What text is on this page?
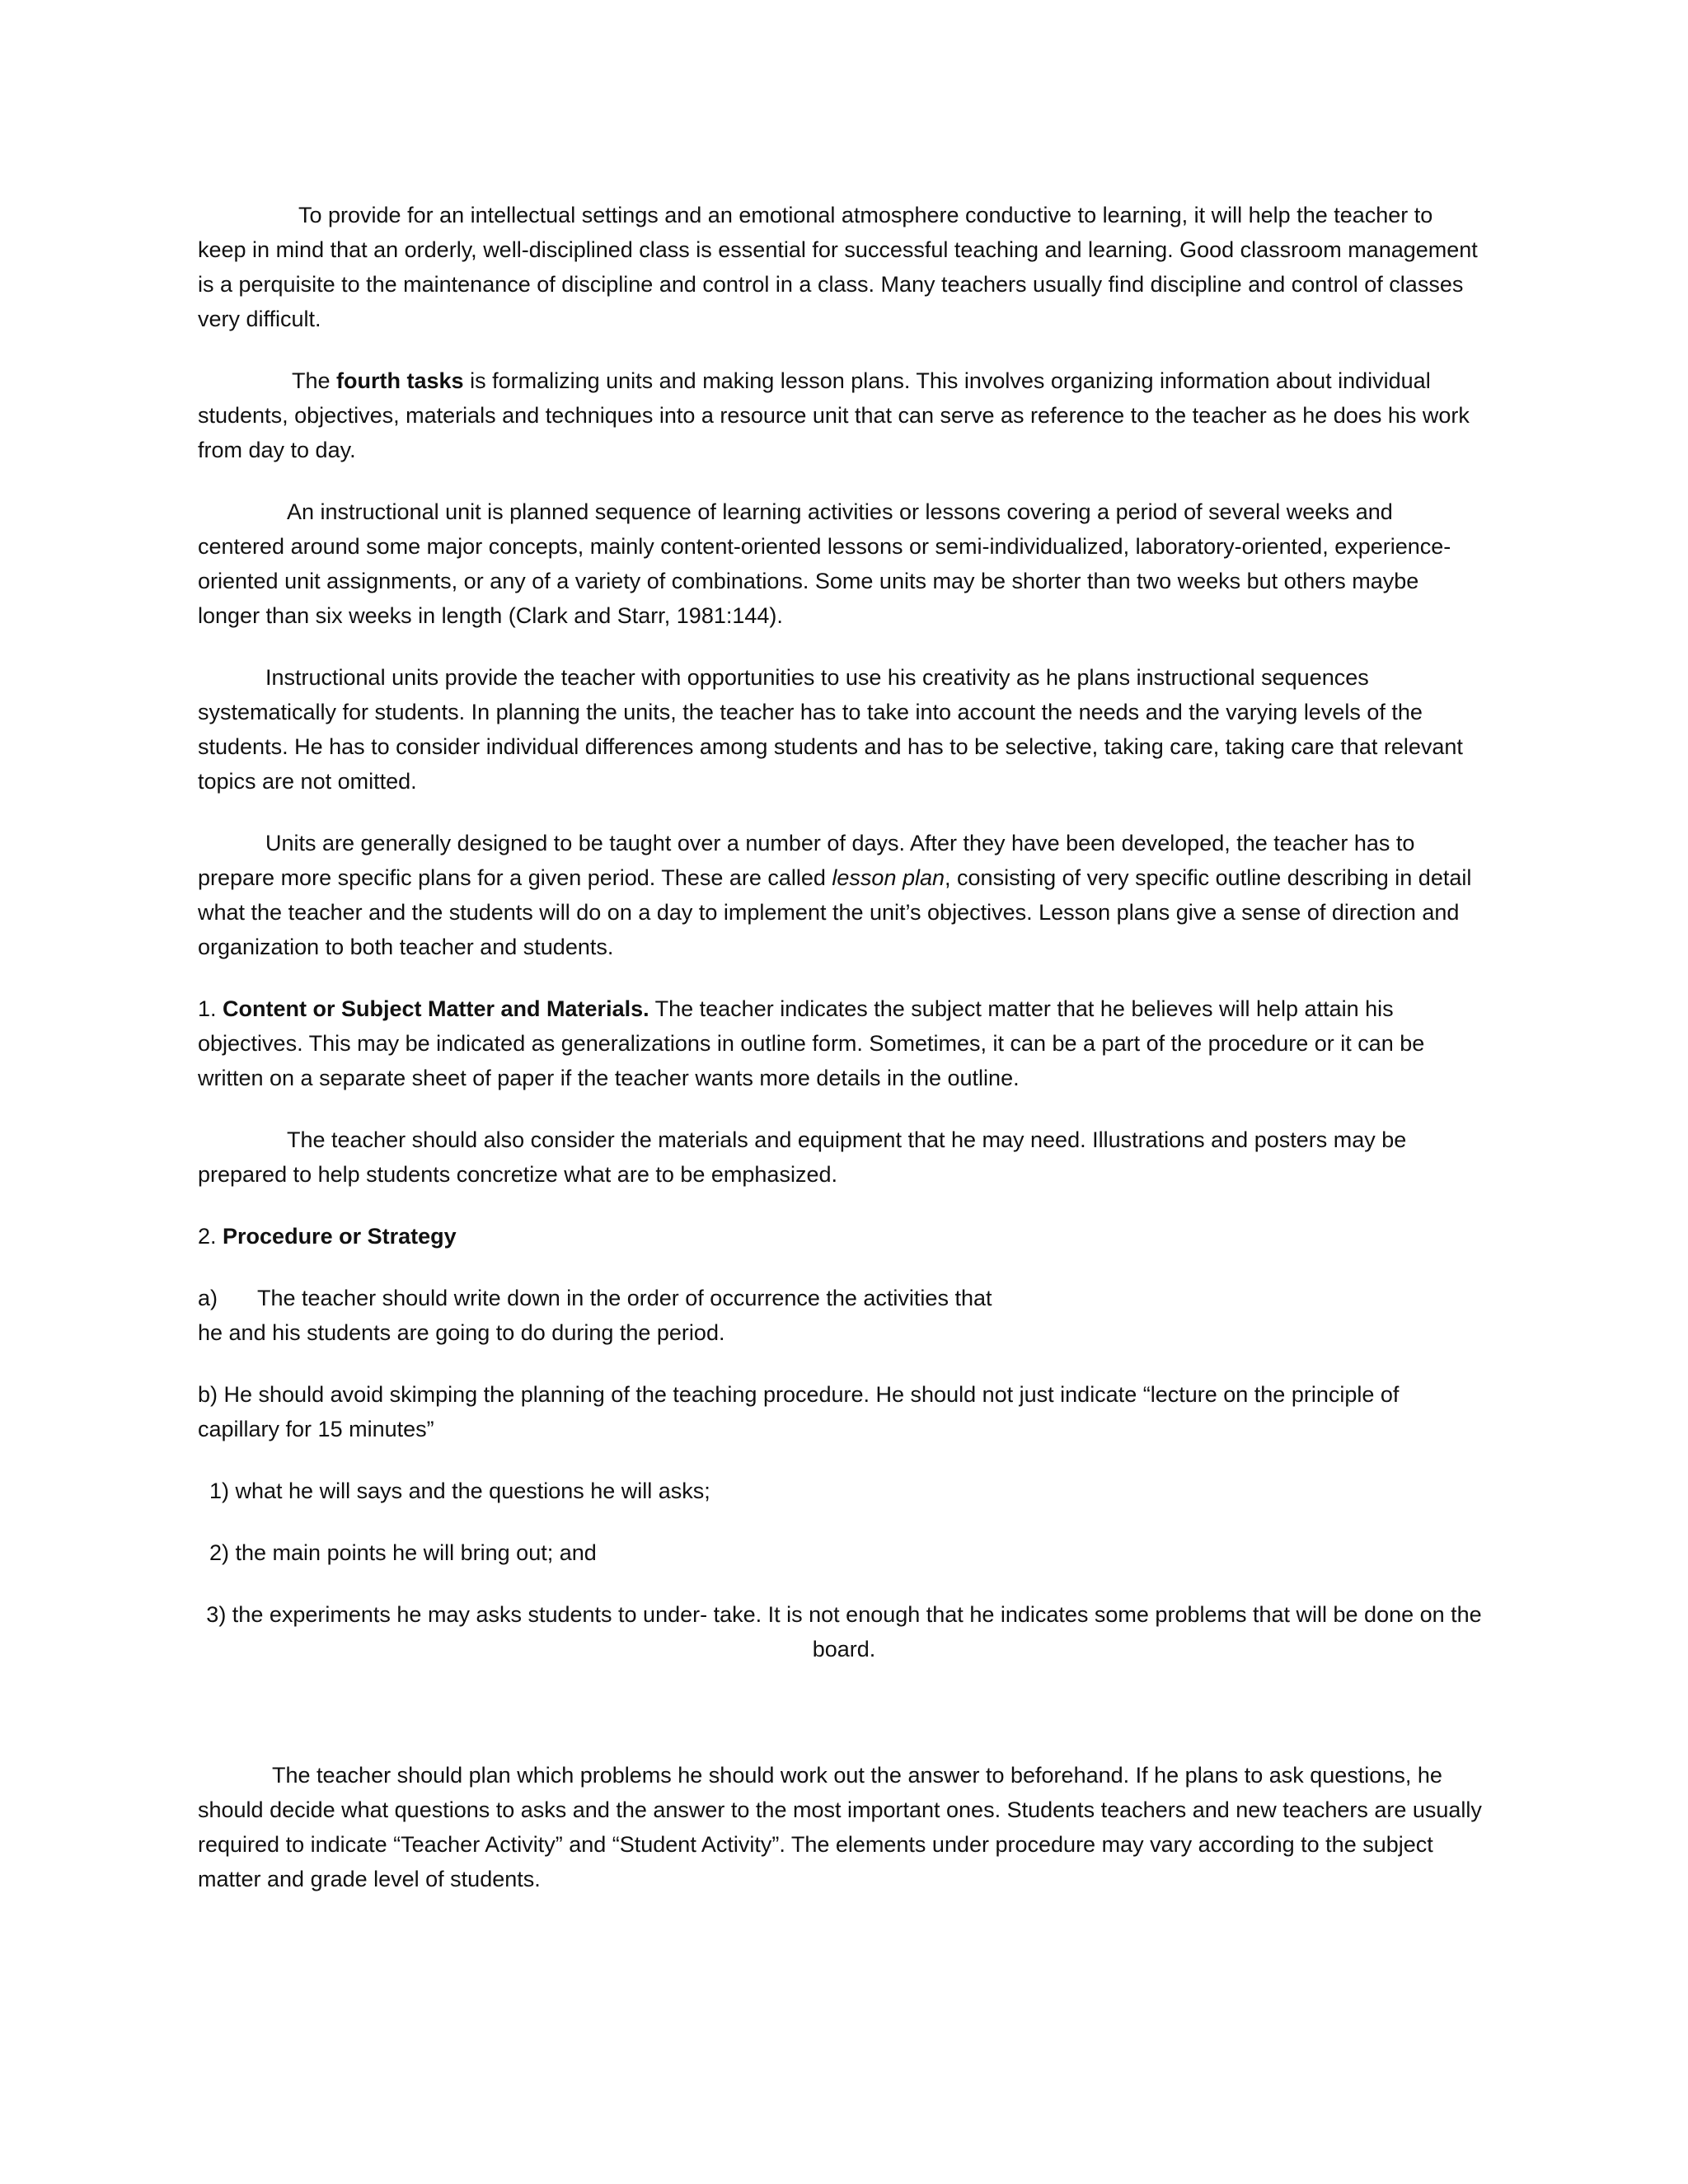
To provide for an intellectual settings and an emotional atmosphere conductive to learning, it will help the teacher to keep in mind that an orderly, well-disciplined class is essential for successful teaching and learning. Good classroom management is a perquisite to the maintenance of discipline and control in a class. Many teachers usually find discipline and control of classes very difficult.

The fourth tasks is formalizing units and making lesson plans. This involves organizing information about individual students, objectives, materials and techniques into a resource unit that can serve as reference to the teacher as he does his work from day to day.

An instructional unit is planned sequence of learning activities or lessons covering a period of several weeks and centered around some major concepts, mainly content-oriented lessons or semi-individualized, laboratory-oriented, experience-oriented unit assignments, or any of a variety of combinations. Some units may be shorter than two weeks but others maybe longer than six weeks in length (Clark and Starr, 1981:144).

Instructional units provide the teacher with opportunities to use his creativity as he plans instructional sequences systematically for students. In planning the units, the teacher has to take into account the needs and the varying levels of the students. He has to consider individual differences among students and has to be selective, taking care, taking care that relevant topics are not omitted.

Units are generally designed to be taught over a number of days. After they have been developed, the teacher has to prepare more specific plans for a given period. These are called lesson plan, consisting of very specific outline describing in detail what the teacher and the students will do on a day to implement the unit’s objectives. Lesson plans give a sense of direction and organization to both teacher and students.

1. Content or Subject Matter and Materials. The teacher indicates the subject matter that he believes will help attain his objectives. This may be indicated as generalizations in outline form. Sometimes, it can be a part of the procedure or it can be written on a separate sheet of paper if the teacher wants more details in the outline.

The teacher should also consider the materials and equipment that he may need. Illustrations and posters may be prepared to help students concretize what are to be emphasized.

2. Procedure or Strategy

a) The teacher should write down in the order of occurrence the activities that
he and his students are going to do during the period.

b) He should avoid skimping the planning of the teaching procedure. He should not just indicate “lecture on the principle of capillary for 15 minutes”

1) what he will says and the questions he will asks;

2) the main points he will bring out; and

3) the experiments he may asks students to under- take. It is not enough that he indicates some problems that will be done on the board.

The teacher should plan which problems he should work out the answer to beforehand. If he plans to ask questions, he should decide what questions to asks and the answer to the most important ones. Students teachers and new teachers are usually required to indicate “Teacher Activity” and “Student Activity”. The elements under procedure may vary according to the subject matter and grade level of students.
